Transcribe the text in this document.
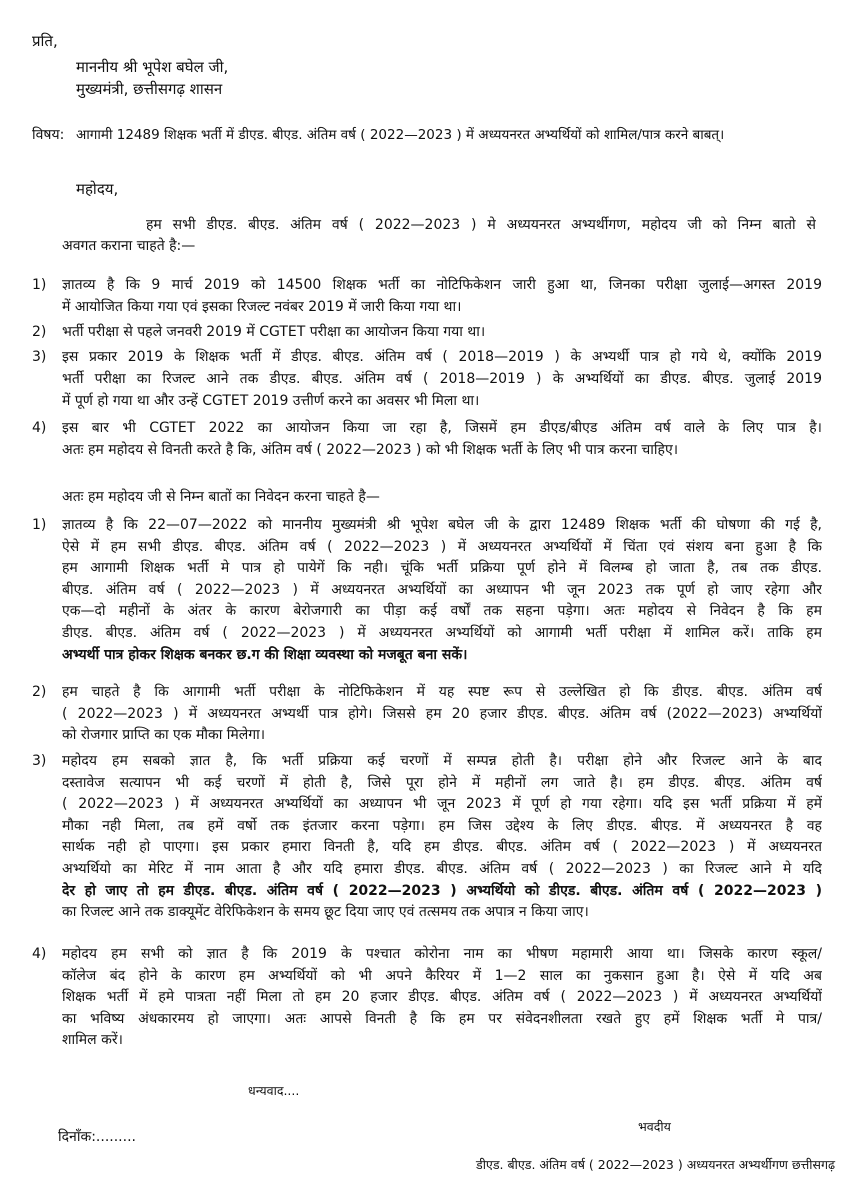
प्रति,
माननीय श्री भूपेश बघेल जी,
मुख्यमंत्री, छत्तीसगढ़ शासन
विषय: आगामी 12489 शिक्षक भर्ती में डीएड. बीएड. अंतिम वर्ष ( 2022—2023 ) में अध्ययनरत अभ्यर्थियों को शामिल/पात्र करने बाबत्।
महोदय,
हम सभी डीएड. बीएड. अंतिम वर्ष ( 2022—2023 ) मे अध्ययनरत अभ्यर्थीगण, महोदय जी को निम्न बातो से
अवगत कराना चाहते है:—
1) ज्ञातव्य है कि 9 मार्च 2019 को 14500 शिक्षक भर्ती का नोटिफिकेशन जारी हुआ था, जिनका परीक्षा जुलाई—अगस्त 2019
में आयोजित किया गया एवं इसका रिजल्ट नवंबर 2019 में जारी किया गया था।
2) भर्ती परीक्षा से पहले जनवरी 2019 में CGTET परीक्षा का आयोजन किया गया था।
3) इस प्रकार 2019 के शिक्षक भर्ती में डीएड. बीएड. अंतिम वर्ष ( 2018—2019 ) के अभ्यर्थी पात्र हो गये थे, क्योंकि 2019
भर्ती परीक्षा का रिजल्ट आने तक डीएड. बीएड. अंतिम वर्ष ( 2018—2019 ) के अभ्यर्थियों का डीएड. बीएड. जुलाई 2019
में पूर्ण हो गया था और उन्हें CGTET 2019 उत्तीर्ण करने का अवसर भी मिला था।
4) इस बार भी CGTET 2022 का आयोजन किया जा रहा है, जिसमें हम डीएड/बीएड अंतिम वर्ष वाले के लिए पात्र है।
अतः हम महोदय से विनती करते है कि, अंतिम वर्ष ( 2022—2023 ) को भी शिक्षक भर्ती के लिए भी पात्र करना चाहिए।
अतः हम महोदय जी से निम्न बातों का निवेदन करना चाहते है—
1) ज्ञातव्य है कि 22—07—2022 को माननीय मुख्यमंत्री श्री भूपेश बघेल जी के द्वारा 12489 शिक्षक भर्ती की घोषणा की गई है,
ऐसे में हम सभी डीएड. बीएड. अंतिम वर्ष ( 2022—2023 ) में अध्ययनरत अभ्यर्थियों में चिंता एवं संशय बना हुआ है कि
हम आगामी शिक्षक भर्ती मे पात्र हो पायेगें कि नही। चूंकि भर्ती प्रक्रिया पूर्ण होने में विलम्ब हो जाता है, तब तक डीएड.
बीएड. अंतिम वर्ष ( 2022—2023 ) में अध्ययनरत अभ्यर्थियों का अध्यापन भी जून 2023 तक पूर्ण हो जाए रहेगा और
एक—दो महीनों के अंतर के कारण बेरोजगारी का पीड़ा कई वर्षों तक सहना पड़ेगा। अतः महोदय से निवेदन है कि हम
डीएड. बीएड. अंतिम वर्ष ( 2022—2023 ) में अध्ययनरत अभ्यर्थियों को आगामी भर्ती परीक्षा में शामिल करें। ताकि हम
अभ्यर्थी पात्र होकर शिक्षक बनकर छ.ग की शिक्षा व्यवस्था को मजबूत बना सकें।
2) हम चाहते है कि आगामी भर्ती परीक्षा के नोटिफिकेशन में यह स्पष्ट रूप से उल्लेखित हो कि डीएड. बीएड. अंतिम वर्ष
( 2022—2023 ) में अध्ययनरत अभ्यर्थी पात्र होगे। जिससे हम 20 हजार डीएड. बीएड. अंतिम वर्ष (2022—2023) अभ्यर्थियों
को रोजगार प्राप्ति का एक मौका मिलेगा।
3) महोदय हम सबको ज्ञात है, कि भर्ती प्रक्रिया कई चरणों में सम्पन्न होती है। परीक्षा होने और रिजल्ट आने के बाद
दस्तावेज सत्यापन भी कई चरणों में होती है, जिसे पूरा होने में महीनों लग जाते है। हम डीएड. बीएड. अंतिम वर्ष
( 2022—2023 ) में अध्ययनरत अभ्यर्थियों का अध्यापन भी जून 2023 में पूर्ण हो गया रहेगा। यदि इस भर्ती प्रक्रिया में हमें
मौका नही मिला, तब हमें वर्षो तक इंतजार करना पड़ेगा। हम जिस उद्देश्य के लिए डीएड. बीएड. में अध्ययनरत है वह
सार्थक नही हो पाएगा। इस प्रकार हमारा विनती है, यदि हम डीएड. बीएड. अंतिम वर्ष ( 2022—2023 ) में अध्ययनरत
अभ्यर्थियो का मेरिट में नाम आता है और यदि हमारा डीएड. बीएड. अंतिम वर्ष ( 2022—2023 ) का रिजल्ट आने मे यदि
देर हो जाए तो हम डीएड. बीएड. अंतिम वर्ष ( 2022—2023 ) अभ्यर्थियो को डीएड. बीएड. अंतिम वर्ष ( 2022—2023 )
का रिजल्ट आने तक डाक्यूमेंट वेरिफिकेशन के समय छूट दिया जाए एवं तत्समय तक अपात्र न किया जाए।
4) महोदय हम सभी को ज्ञात है कि 2019 के पश्चात कोरोना नाम का भीषण महामारी आया था। जिसके कारण स्कूल/
कॉलेज बंद होने के कारण हम अभ्यर्थियों को भी अपने कैरियर में 1—2 साल का नुकसान हुआ है। ऐसे में यदि अब
शिक्षक भर्ती में हमे पात्रता नहीं मिला तो हम 20 हजार डीएड. बीएड. अंतिम वर्ष ( 2022—2023 ) में अध्ययनरत अभ्यर्थियों
का भविष्य अंधकारमय हो जाएगा। अतः आपसे विनती है कि हम पर संवेदनशीलता रखते हुए हमें शिक्षक भर्ती मे पात्र/
शामिल करें।
धन्यवाद....
भवदीय
दिनाँक:.........
डीएड. बीएड. अंतिम वर्ष ( 2022—2023 ) अध्ययनरत अभ्यर्थीगण छत्तीसगढ़
